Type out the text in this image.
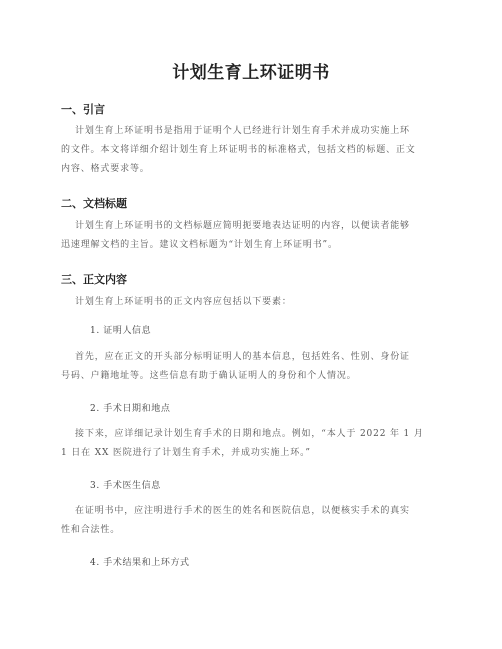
计划生育上环证明书
一、引言
计划生育上环证明书是指用于证明个人已经进行计划生育手术并成功实施上环
的文件。本文将详细介绍计划生育上环证明书的标准格式，包括文档的标题、正文
内容、格式要求等。
二、文档标题
计划生育上环证明书的文档标题应简明扼要地表达证明的内容，以便读者能够
迅速理解文档的主旨。建议文档标题为“计划生育上环证明书”。
三、正文内容
计划生育上环证明书的正文内容应包括以下要素：
1. 证明人信息
首先，应在正文的开头部分标明证明人的基本信息，包括姓名、性别、身份证
号码、户籍地址等。这些信息有助于确认证明人的身份和个人情况。
2. 手术日期和地点
接下来，应详细记录计划生育手术的日期和地点。例如，“本人于 2022 年 1 月
1 日在 XX 医院进行了计划生育手术，并成功实施上环。”
3. 手术医生信息
在证明书中，应注明进行手术的医生的姓名和医院信息，以便核实手术的真实
性和合法性。
4. 手术结果和上环方式
